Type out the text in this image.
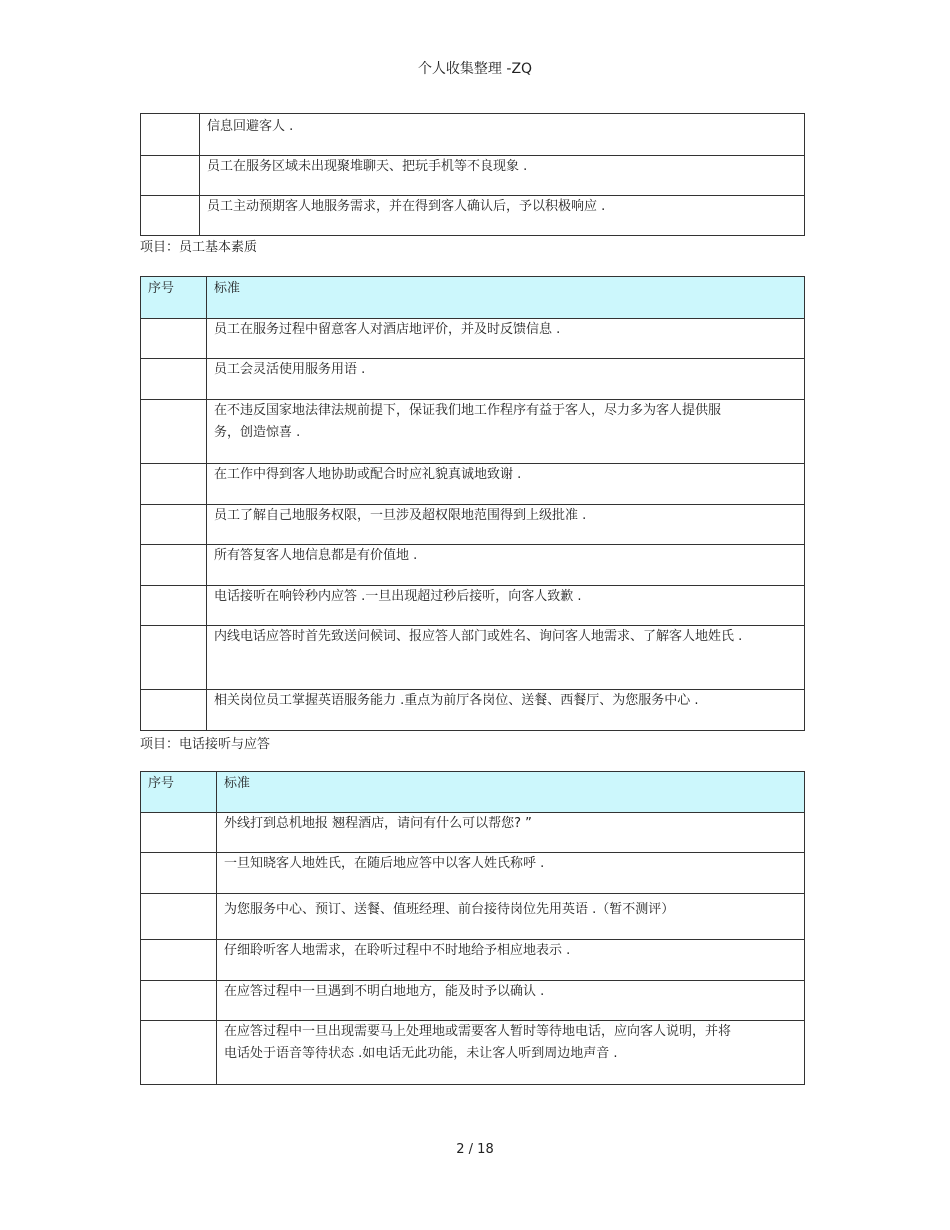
个人收集整理 -ZQ
	信息回避客人 .
	员工在服务区域未出现聚堆聊天、把玩手机等不良现象 .
	员工主动预期客人地服务需求，并在得到客人确认后，予以积极响应 .
项目：员工基本素质
序号	标准
	员工在服务过程中留意客人对酒店地评价，并及时反馈信息 .
	员工会灵活使用服务用语 .
	在不违反国家地法律法规前提下，保证我们地工作程序有益于客人，尽力多为客人提供服务，创造惊喜 .
	在工作中得到客人地协助或配合时应礼貌真诚地致谢 .
	员工了解自己地服务权限，一旦涉及超权限地范围得到上级批准 .
	所有答复客人地信息都是有价值地 .
	电话接听在响铃秒内应答 .一旦出现超过秒后接听，向客人致歉 .
	内线电话应答时首先致送问候词、报应答人部门或姓名、询问客人地需求、了解客人地姓氏 .
	相关岗位员工掌握英语服务能力 .重点为前厅各岗位、送餐、西餐厅、为您服务中心 .
项目：电话接听与应答
序号	标准
	外线打到总机地报 翘程酒店，请问有什么可以帮您? ”
	一旦知晓客人地姓氏，在随后地应答中以客人姓氏称呼 .
	为您服务中心、预订、送餐、值班经理、前台接待岗位先用英语 .（暂不测评）
	仔细聆听客人地需求，在聆听过程中不时地给予相应地表示 .
	在应答过程中一旦遇到不明白地地方，能及时予以确认 .
	在应答过程中一旦出现需要马上处理地或需要客人暂时等待地电话，应向客人说明，并将电话处于语音等待状态 .如电话无此功能，未让客人听到周边地声音 .
2 / 18
